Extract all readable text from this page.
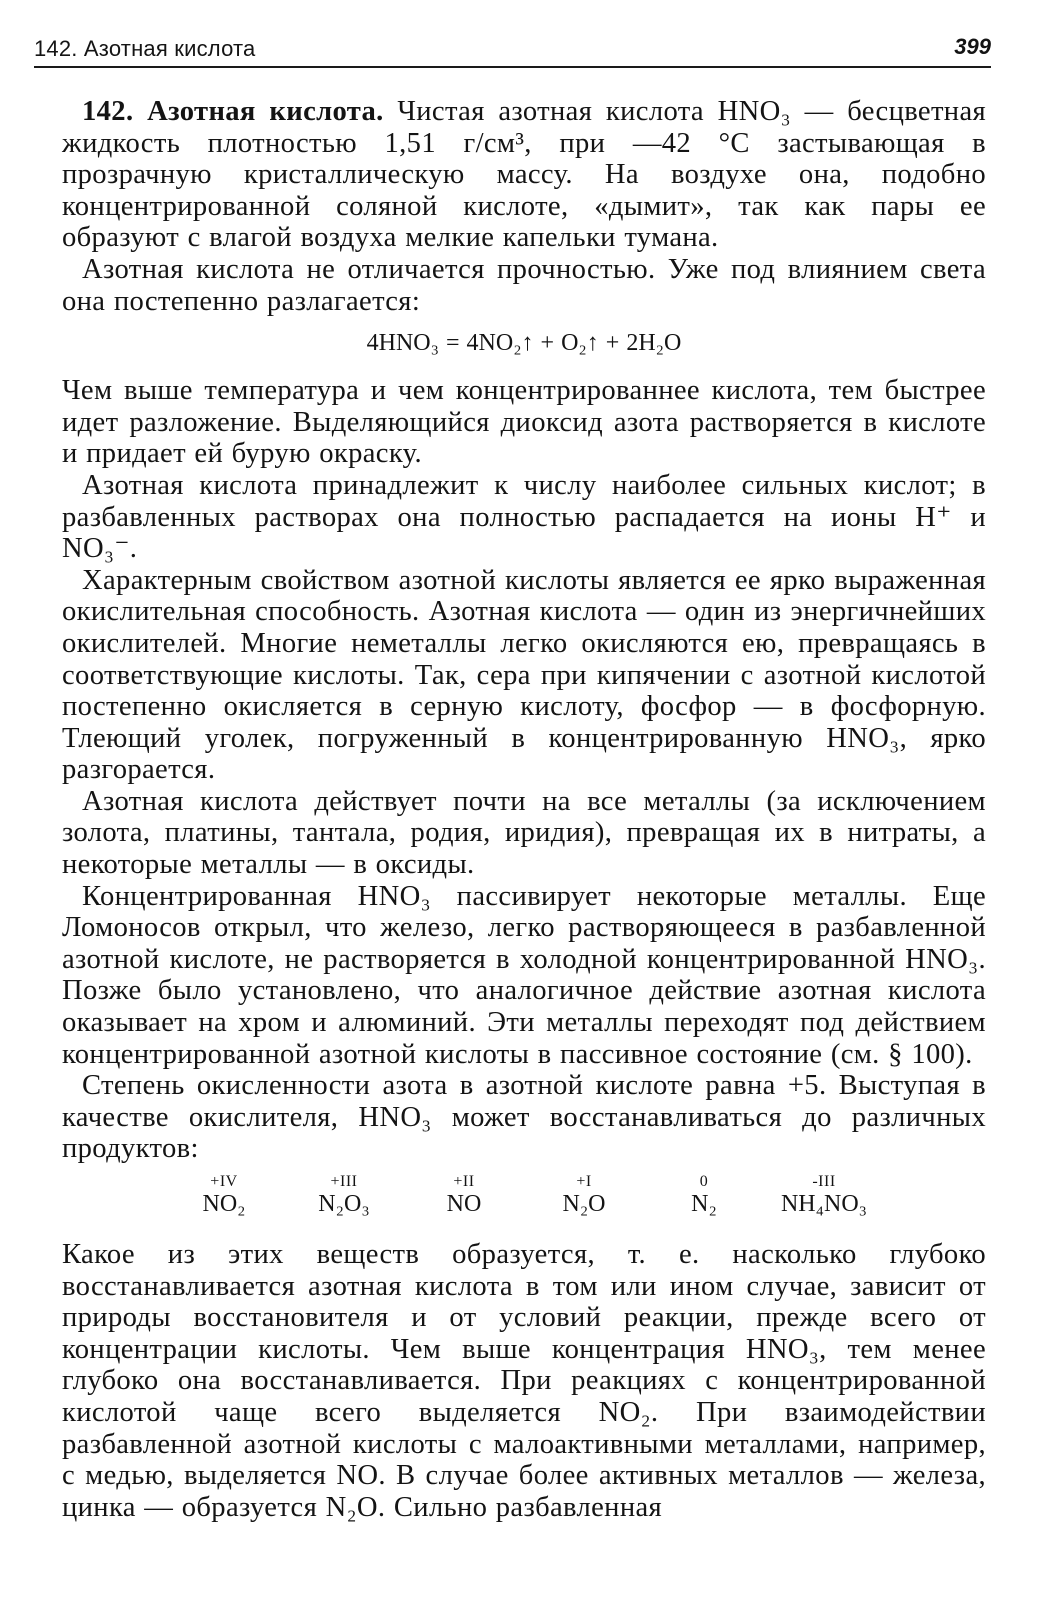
142. Азотная кислота	399

142. Азотная кислота. Чистая азотная кислота HNO₃ — бесцветная жидкость плотностью 1,51 г/см³, при —42 °С застывающая в прозрачную кристаллическую массу. На воздухе она, подобно концентрированной соляной кислоте, «дымит», так как пары ее образуют с влагой воздуха мелкие капельки тумана.

Азотная кислота не отличается прочностью. Уже под влиянием света она постепенно разлагается:

4HNO₃ = 4NO₂↑ + O₂↑ + 2H₂O

Чем выше температура и чем концентрированнее кислота, тем быстрее идет разложение. Выделяющийся диоксид азота растворяется в кислоте и придает ей бурую окраску.

Азотная кислота принадлежит к числу наиболее сильных кислот; в разбавленных растворах она полностью распадается на ионы H⁺ и NO₃⁻.

Характерным свойством азотной кислоты является ее ярко выраженная окислительная способность. Азотная кислота — один из энергичнейших окислителей. Многие неметаллы легко окисляются ею, превращаясь в соответствующие кислоты. Так, сера при кипячении с азотной кислотой постепенно окисляется в серную кислоту, фосфор — в фосфорную. Тлеющий уголек, погруженный в концентрированную HNO₃, ярко разгорается.

Азотная кислота действует почти на все металлы (за исключением золота, платины, тантала, родия, иридия), превращая их в нитраты, а некоторые металлы — в оксиды.

Концентрированная HNO₃ пассивирует некоторые металлы. Еще Ломоносов открыл, что железо, легко растворяющееся в разбавленной азотной кислоте, не растворяется в холодной концентрированной HNO₃. Позже было установлено, что аналогичное действие азотная кислота оказывает на хром и алюминий. Эти металлы переходят под действием концентрированной азотной кислоты в пассивное состояние (см. § 100).

Степень окисленности азота в азотной кислоте равна +5. Выступая в качестве окислителя, HNO₃ может восстанавливаться до различных продуктов:

+IV
NO₂
+III
N₂O₃
+II
NO
+I
N₂O
0
N₂
-III
NH₄NO₃

Какое из этих веществ образуется, т. е. насколько глубоко восстанавливается азотная кислота в том или ином случае, зависит от природы восстановителя и от условий реакции, прежде всего от концентрации кислоты. Чем выше концентрация HNO₃, тем менее глубоко она восстанавливается. При реакциях с концентрированной кислотой чаще всего выделяется NO₂. При взаимодействии разбавленной азотной кислоты с малоактивными металлами, например, с медью, выделяется NO. В случае более активных металлов — железа, цинка — образуется N₂O. Сильно разбавленная
